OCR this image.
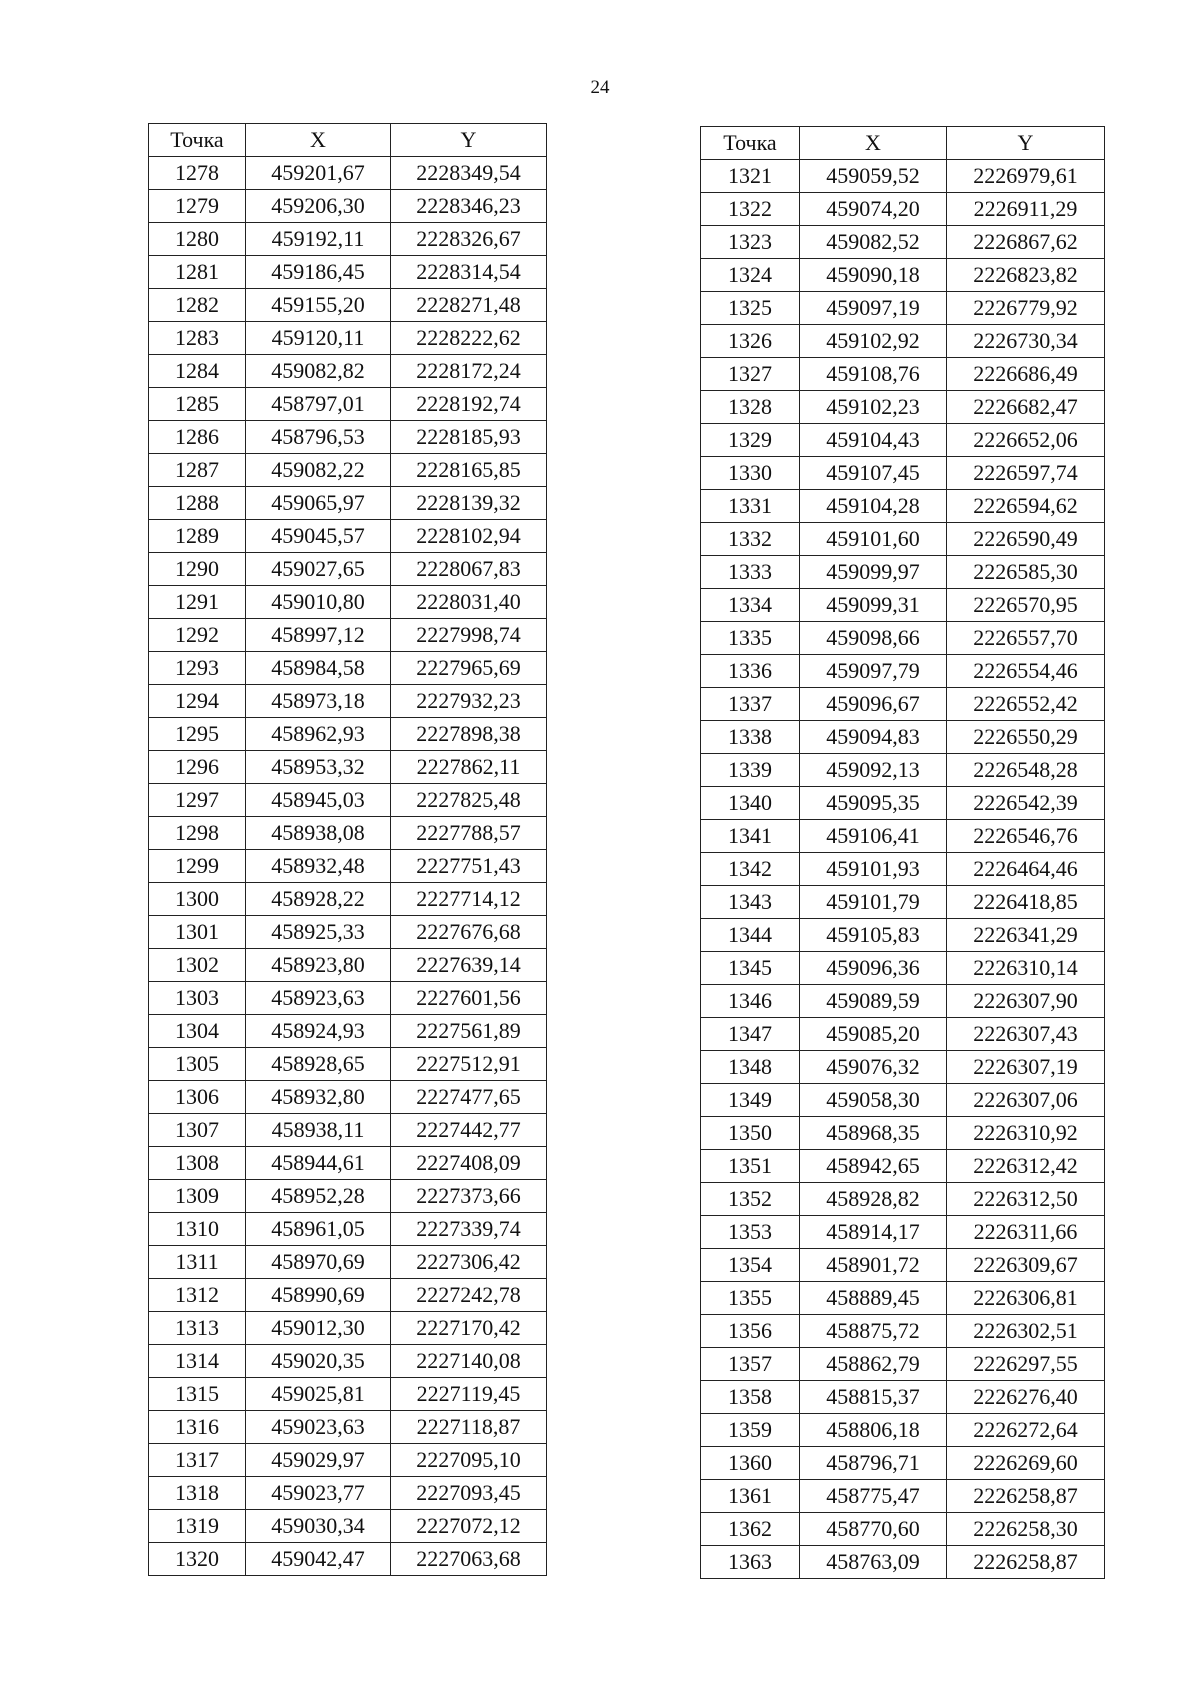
24
Точка	X	Y
1278	459201,67	2228349,54
1279	459206,30	2228346,23
1280	459192,11	2228326,67
1281	459186,45	2228314,54
1282	459155,20	2228271,48
1283	459120,11	2228222,62
1284	459082,82	2228172,24
1285	458797,01	2228192,74
1286	458796,53	2228185,93
1287	459082,22	2228165,85
1288	459065,97	2228139,32
1289	459045,57	2228102,94
1290	459027,65	2228067,83
1291	459010,80	2228031,40
1292	458997,12	2227998,74
1293	458984,58	2227965,69
1294	458973,18	2227932,23
1295	458962,93	2227898,38
1296	458953,32	2227862,11
1297	458945,03	2227825,48
1298	458938,08	2227788,57
1299	458932,48	2227751,43
1300	458928,22	2227714,12
1301	458925,33	2227676,68
1302	458923,80	2227639,14
1303	458923,63	2227601,56
1304	458924,93	2227561,89
1305	458928,65	2227512,91
1306	458932,80	2227477,65
1307	458938,11	2227442,77
1308	458944,61	2227408,09
1309	458952,28	2227373,66
1310	458961,05	2227339,74
1311	458970,69	2227306,42
1312	458990,69	2227242,78
1313	459012,30	2227170,42
1314	459020,35	2227140,08
1315	459025,81	2227119,45
1316	459023,63	2227118,87
1317	459029,97	2227095,10
1318	459023,77	2227093,45
1319	459030,34	2227072,12
1320	459042,47	2227063,68
Точка	X	Y
1321	459059,52	2226979,61
1322	459074,20	2226911,29
1323	459082,52	2226867,62
1324	459090,18	2226823,82
1325	459097,19	2226779,92
1326	459102,92	2226730,34
1327	459108,76	2226686,49
1328	459102,23	2226682,47
1329	459104,43	2226652,06
1330	459107,45	2226597,74
1331	459104,28	2226594,62
1332	459101,60	2226590,49
1333	459099,97	2226585,30
1334	459099,31	2226570,95
1335	459098,66	2226557,70
1336	459097,79	2226554,46
1337	459096,67	2226552,42
1338	459094,83	2226550,29
1339	459092,13	2226548,28
1340	459095,35	2226542,39
1341	459106,41	2226546,76
1342	459101,93	2226464,46
1343	459101,79	2226418,85
1344	459105,83	2226341,29
1345	459096,36	2226310,14
1346	459089,59	2226307,90
1347	459085,20	2226307,43
1348	459076,32	2226307,19
1349	459058,30	2226307,06
1350	458968,35	2226310,92
1351	458942,65	2226312,42
1352	458928,82	2226312,50
1353	458914,17	2226311,66
1354	458901,72	2226309,67
1355	458889,45	2226306,81
1356	458875,72	2226302,51
1357	458862,79	2226297,55
1358	458815,37	2226276,40
1359	458806,18	2226272,64
1360	458796,71	2226269,60
1361	458775,47	2226258,87
1362	458770,60	2226258,30
1363	458763,09	2226258,87
